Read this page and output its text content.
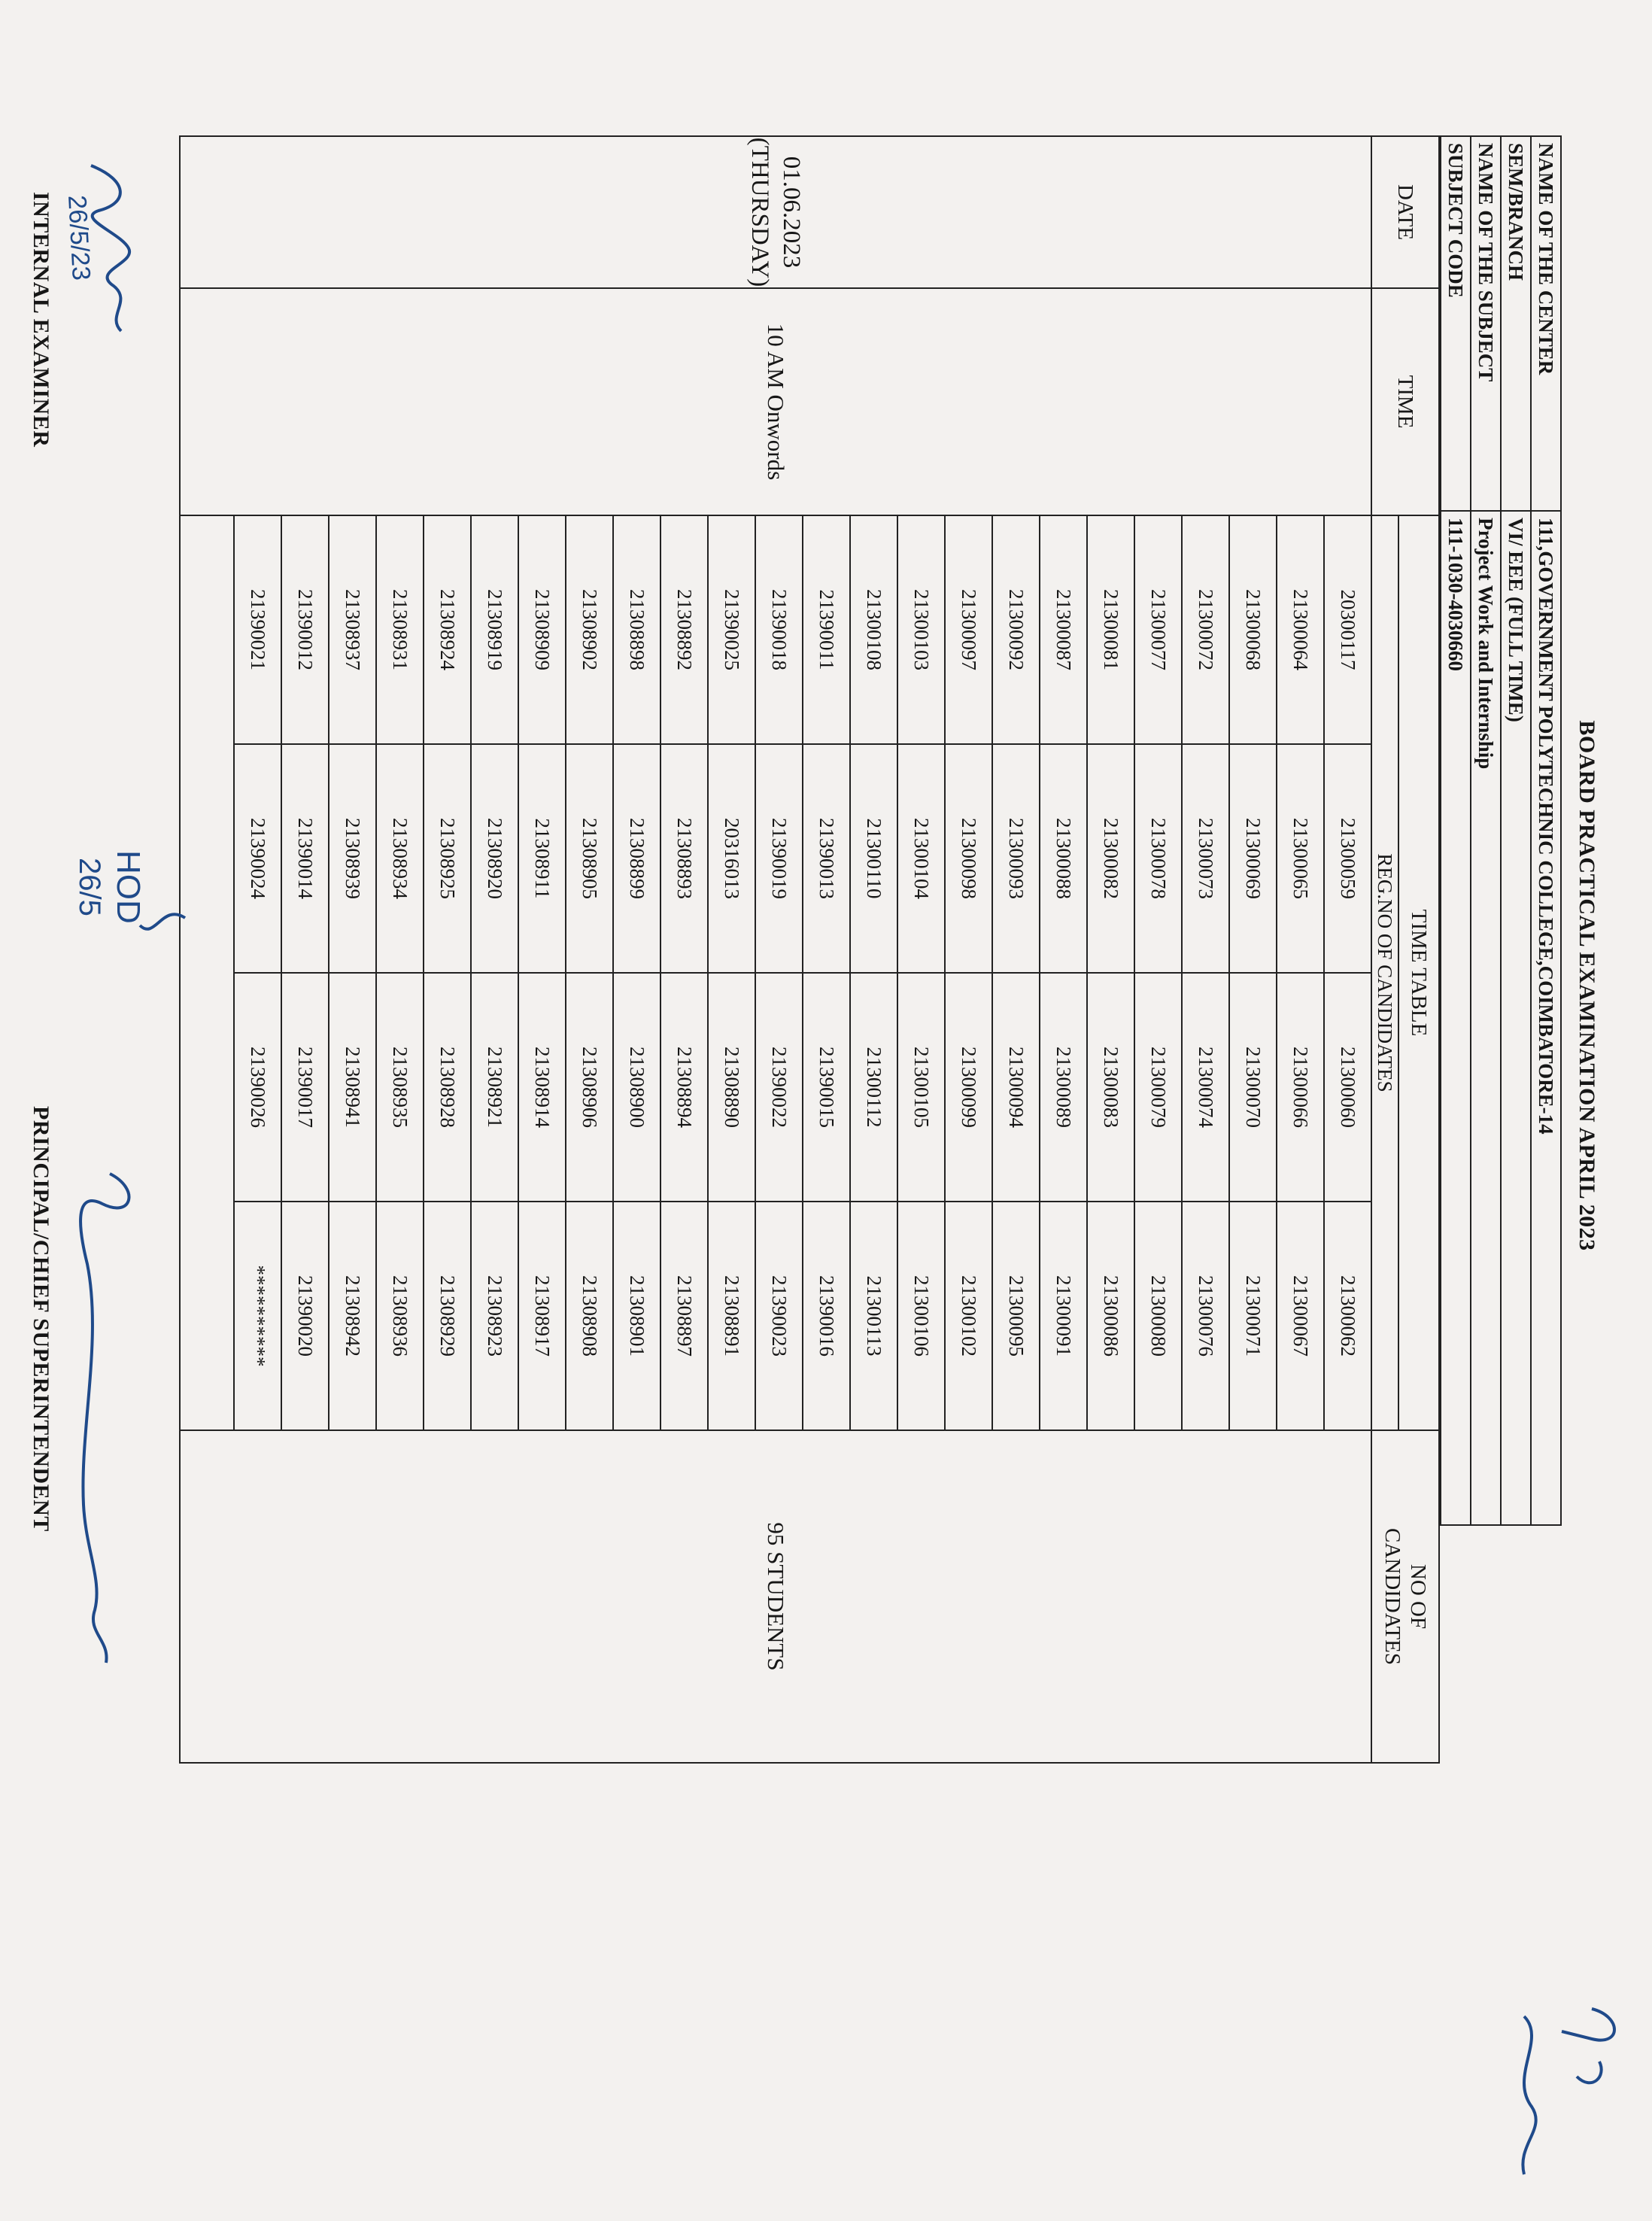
BOARD PRACTICAL EXAMINATION APRIL 2023
NAME OF THE CENTER	111,GOVERNMENT POLYTECHNIC COLLEGE,COIMBATORE-14
SEM/BRANCH	VI/ EEE (FULL TIME)
NAME OF THE SUBJECT	Project Work and Internship
SUBJECT CODE	111-1030-4030660
DATE	TIME	TIME TABLE				NO OF CANDIDATES
		REG.NO OF CANDIDATES				

01.06.2023
(THURSDAY)	10 AM Onwords	20300117	21300059	21300060	21300062	95 STUDENTS
		21300064	21300065	21300066	21300067	
		21300068	21300069	21300070	21300071	
		21300072	21300073	21300074	21300076	
		21300077	21300078	21300079	21300080	
		21300081	21300082	21300083	21300086	
		21300087	21300088	21300089	21300091	
		21300092	21300093	21300094	21300095	
		21300097	21300098	21300099	21300102	
		21300103	21300104	21300105	21300106	
		21300108	21300110	21300112	21300113	
		21390011	21390013	21390015	21390016	
		21390018	21390019	21390022	21390023	
		21390025	20316013	21308890	21308891	
		21308892	21308893	21308894	21308897	
		21308898	21308899	21308900	21308901	
		21308902	21308905	21308906	21308908	
		21308909	21308911	21308914	21308917	
		21308919	21308920	21308921	21308923	
		21308924	21308925	21308928	21308929	
		21308931	21308934	21308935	21308936	
		21308937	21308939	21308941	21308942	
		21390012	21390014	21390017	21390020	
		21390021	21390024	21390026	**********	

INTERNAL EXAMINER
PRINCIPAL/CHIEF SUPERINTENDENT
26/5/23
HOD
26/5
